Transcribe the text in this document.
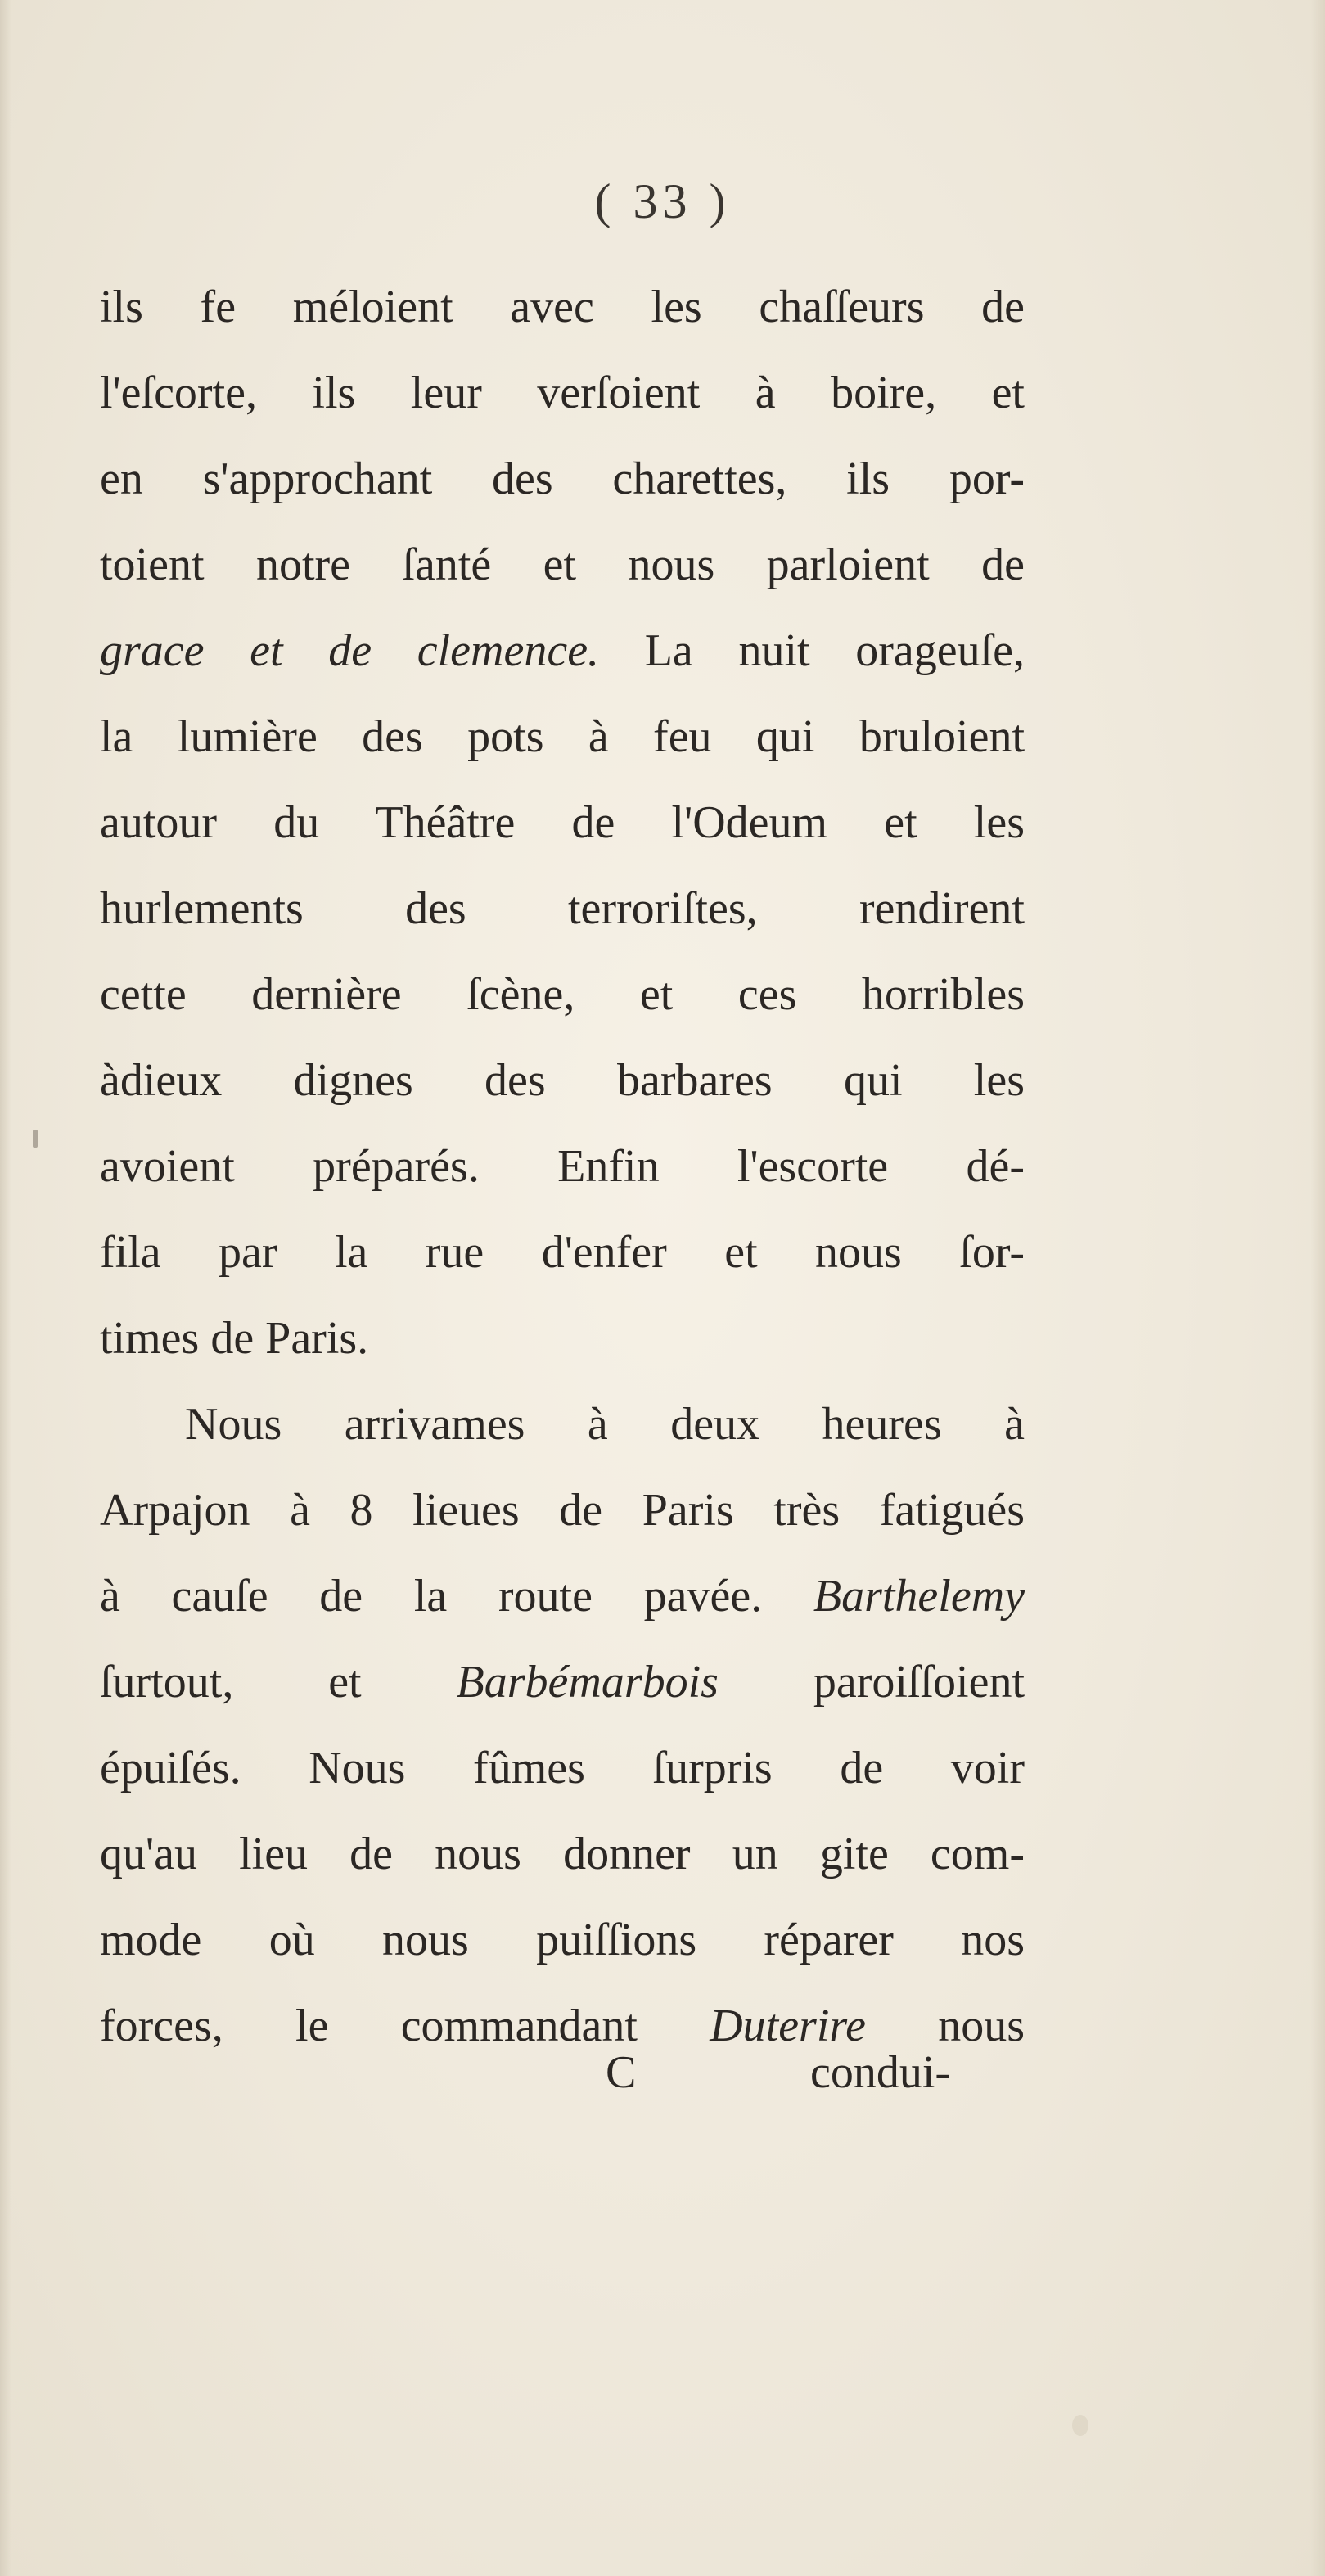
( 33 )
ils fe méloient avec les chaſſeurs de
l'eſcorte, ils leur verſoient à boire, et
en s'approchant des charettes, ils por-
toient notre ſanté et nous parloient de
grace et de clemence. La nuit orageuſe,
la lumière des pots à feu qui bruloient
autour du Théâtre de l'Odeum et les
hurlements des terroriſtes, rendirent
cette dernière ſcène, et ces horribles
àdieux dignes des barbares qui les
avoient préparés. Enfin l'escorte dé-
fila par la rue d'enfer et nous ſor-
times de Paris.
Nous arrivames à deux heures à
Arpajon à 8 lieues de Paris très fatigués
à cauſe de la route pavée. Barthelemy
ſurtout, et Barbémarbois paroiſſoient
épuiſés. Nous fûmes ſurpris de voir
qu'au lieu de nous donner un gite com-
mode où nous puiſſions réparer nos
forces, le commandant Duterire nous
C	condui-
